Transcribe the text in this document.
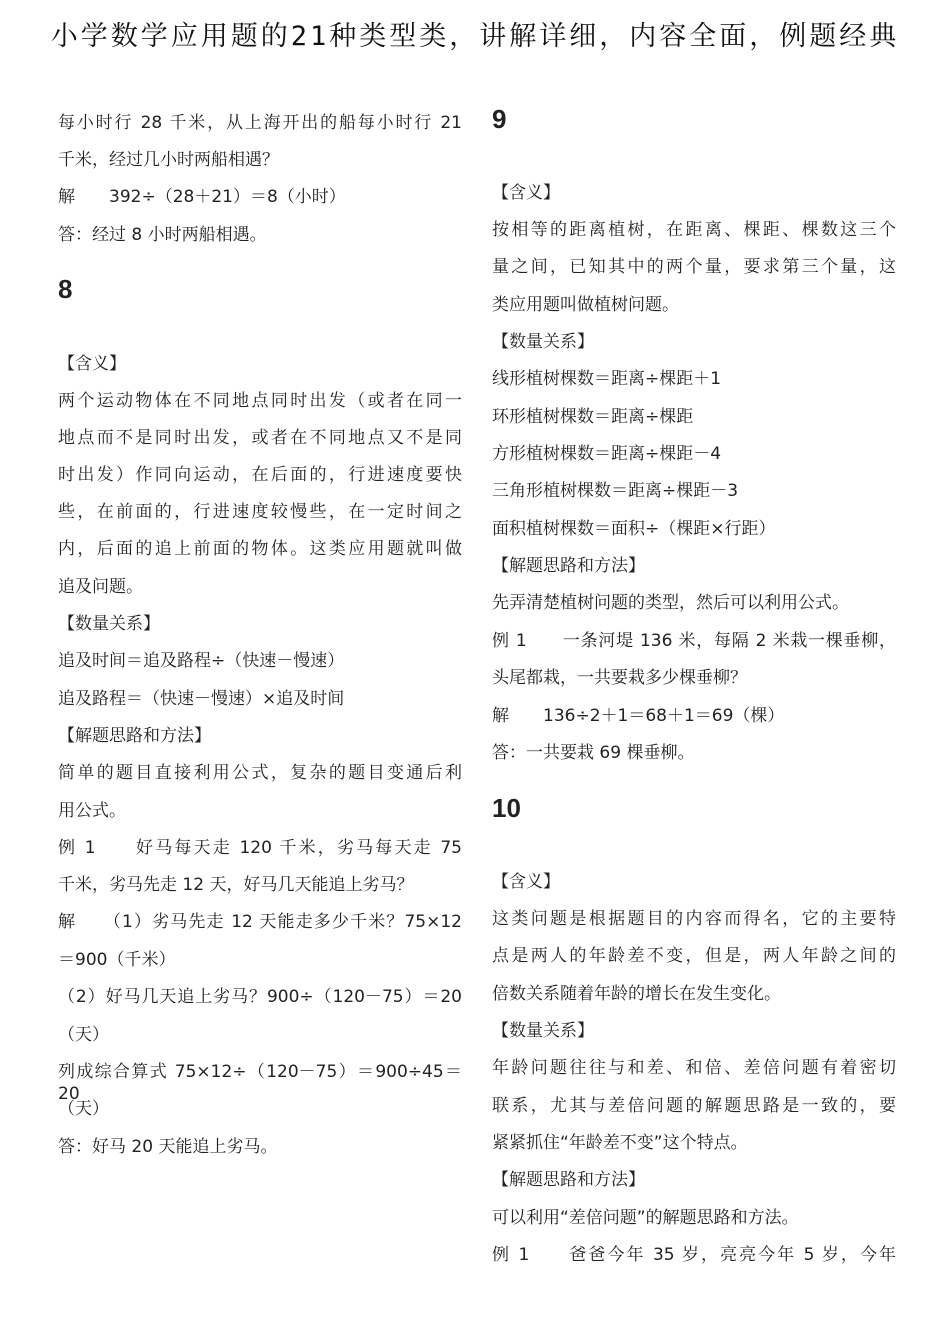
小学数学应用题的21种类型类，讲解详细，内容全面，例题经典
每小时行 28 千米，从上海开出的船每小时行 21
千米，经过几小时两船相遇？
解　　392÷（28＋21）＝8（小时）
答：经过 8 小时两船相遇。
8
【含义】
两个运动物体在不同地点同时出发（或者在同一
地点而不是同时出发，或者在不同地点又不是同
时出发）作同向运动，在后面的，行进速度要快
些，在前面的，行进速度较慢些，在一定时间之
内，后面的追上前面的物体。这类应用题就叫做
追及问题。
【数量关系】
追及时间＝追及路程÷（快速－慢速）
追及路程＝（快速－慢速）×追及时间
【解题思路和方法】
简单的题目直接利用公式，复杂的题目变通后利
用公式。
例 1　　好马每天走 120 千米，劣马每天走 75
千米，劣马先走 12 天，好马几天能追上劣马？
解　　（1）劣马先走 12 天能走多少千米？75×12
＝900（千米）
（2）好马几天追上劣马？900÷（120－75）＝20
（天）
列成综合算式 75×12÷（120－75）＝900÷45＝20
（天）
答：好马 20 天能追上劣马。
9
【含义】
按相等的距离植树，在距离、棵距、棵数这三个
量之间，已知其中的两个量，要求第三个量，这
类应用题叫做植树问题。
【数量关系】
线形植树棵数＝距离÷棵距＋1
环形植树棵数＝距离÷棵距
方形植树棵数＝距离÷棵距－4
三角形植树棵数＝距离÷棵距－3
面积植树棵数＝面积÷（棵距×行距）
【解题思路和方法】
先弄清楚植树问题的类型，然后可以利用公式。
例 1　　一条河堤 136 米，每隔 2 米栽一棵垂柳，
头尾都栽，一共要栽多少棵垂柳？
解　　136÷2＋1＝68＋1＝69（棵）
答：一共要栽 69 棵垂柳。
10
【含义】
这类问题是根据题目的内容而得名，它的主要特
点是两人的年龄差不变，但是，两人年龄之间的
倍数关系随着年龄的增长在发生变化。
【数量关系】
年龄问题往往与和差、和倍、差倍问题有着密切
联系，尤其与差倍问题的解题思路是一致的，要
紧紧抓住“年龄差不变”这个特点。
【解题思路和方法】
可以利用“差倍问题”的解题思路和方法。
例 1　　爸爸今年 35 岁，亮亮今年 5 岁，今年
